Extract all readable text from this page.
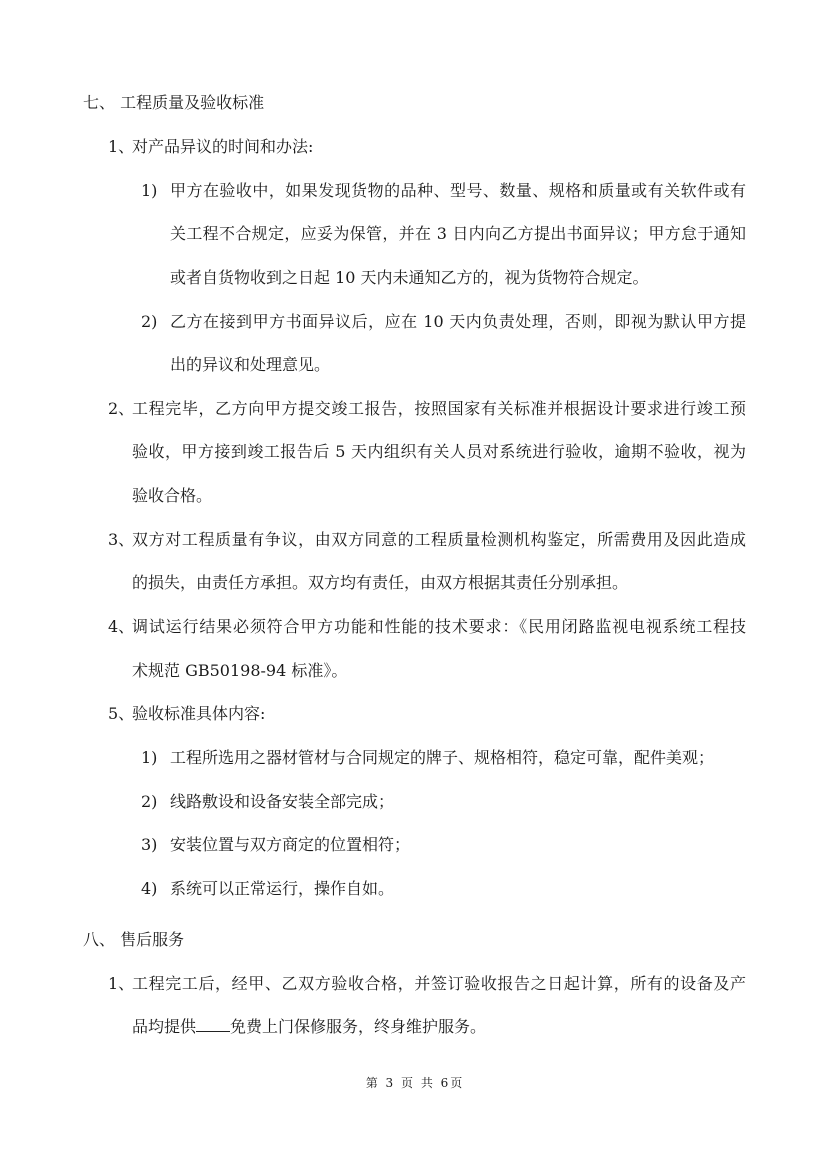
七、 工程质量及验收标准
1、
对产品异议的时间和办法:
1) 甲方在验收中，如果发现货物的品种、型号、数量、规格和质量或有关软件或有
关工程不合规定，应妥为保管，并在 3 日内向乙方提出书面异议；甲方怠于通知
或者自货物收到之日起 10 天内未通知乙方的，视为货物符合规定。
2) 乙方在接到甲方书面异议后，应在 10 天内负责处理，否则，即视为默认甲方提
出的异议和处理意见。
2、
工程完毕，乙方向甲方提交竣工报告，按照国家有关标准并根据设计要求进行竣工预
验收，甲方接到竣工报告后 5 天内组织有关人员对系统进行验收，逾期不验收，视为
验收合格。
3、
双方对工程质量有争议，由双方同意的工程质量检测机构鉴定，所需费用及因此造成
的损失，由责任方承担。双方均有责任，由双方根据其责任分别承担。
4、
调试运行结果必须符合甲方功能和性能的技术要求：《民用闭路监视电视系统工程技
术规范 GB50198-94 标准》。
5、
验收标准具体内容:
1) 工程所选用之器材管材与合同规定的牌子、规格相符，稳定可靠，配件美观；
2) 线路敷设和设备安装全部完成；
3) 安装位置与双方商定的位置相符；
4) 系统可以正常运行，操作自如。
八、 售后服务
1、
工程完工后，经甲、乙双方验收合格，并签订验收报告之日起计算，所有的设备及产
品均提供 免费上门保修服务，终身维护服务。
第 3 页 共 6页
